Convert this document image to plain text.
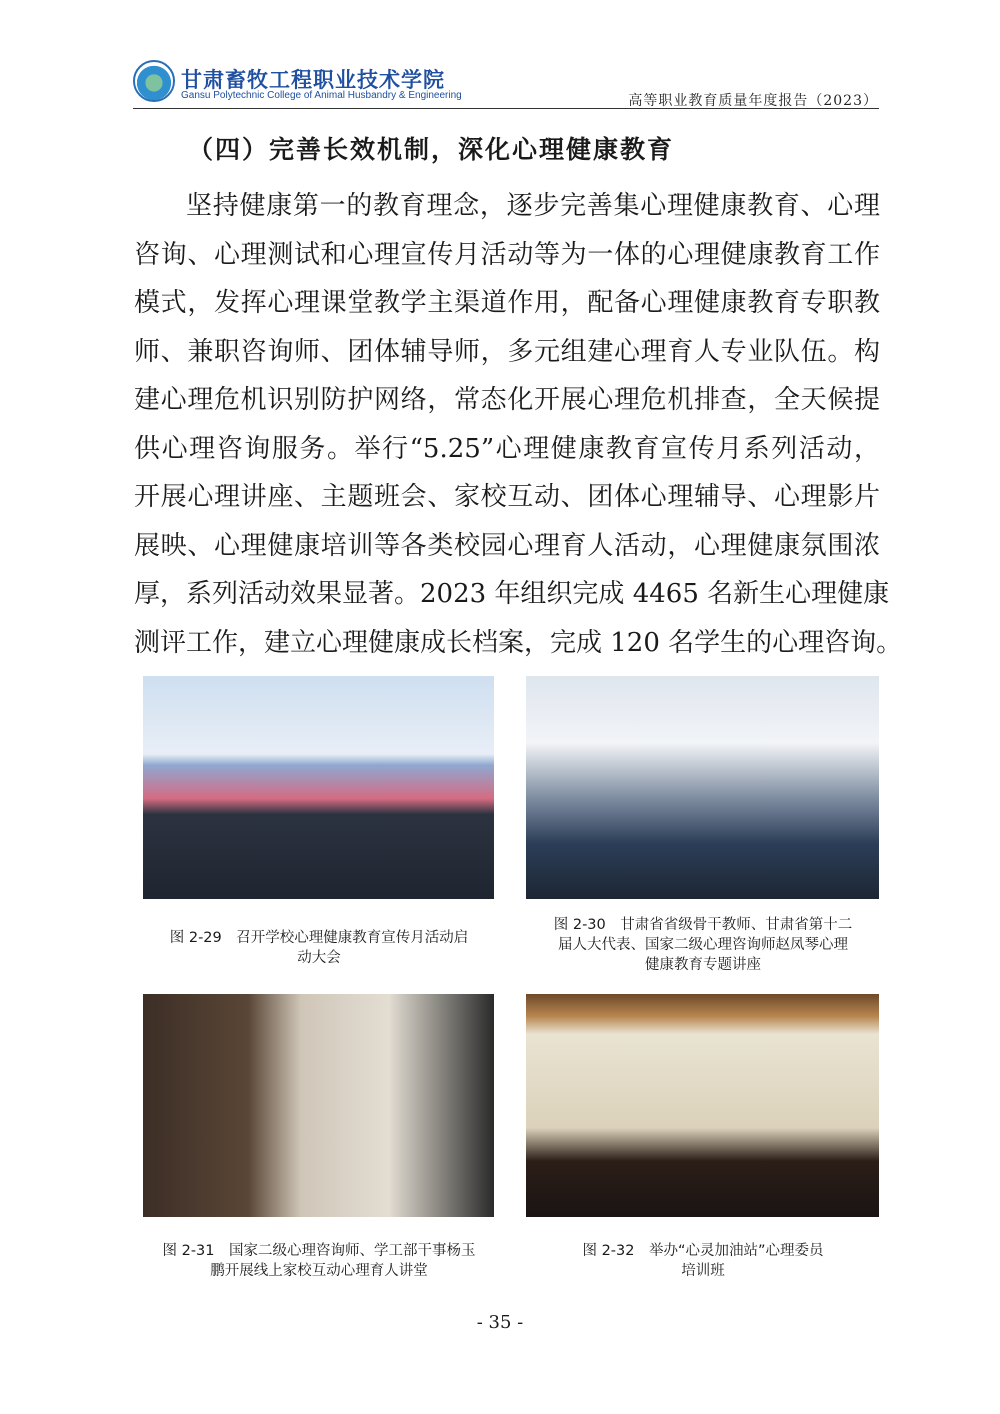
甘肃畜牧工程职业技术学院
Gansu Polytechnic College of Animal Husbandry & Engineering	高等职业教育质量年度报告（2023）
（四）完善长效机制，深化心理健康教育
坚持健康第一的教育理念，逐步完善集心理健康教育、心理
咨询、心理测试和心理宣传月活动等为一体的心理健康教育工作
模式，发挥心理课堂教学主渠道作用，配备心理健康教育专职教
师、兼职咨询师、团体辅导师，多元组建心理育人专业队伍。构
建心理危机识别防护网络，常态化开展心理危机排查，全天候提
供心理咨询服务。举行“5.25”心理健康教育宣传月系列活动，
开展心理讲座、主题班会、家校互动、团体心理辅导、心理影片
展映、心理健康培训等各类校园心理育人活动，心理健康氛围浓
厚，系列活动效果显著。2023 年组织完成 4465 名新生心理健康
测评工作，建立心理健康成长档案，完成 120 名学生的心理咨询。
图 2-29　召开学校心理健康教育宣传月活动启
动大会
图 2-30　甘肃省省级骨干教师、甘肃省第十二
届人大代表、国家二级心理咨询师赵凤琴心理
健康教育专题讲座
图 2-31　国家二级心理咨询师、学工部干事杨玉
鹏开展线上家校互动心理育人讲堂
图 2-32　举办“心灵加油站”心理委员
培训班
- 35 -
